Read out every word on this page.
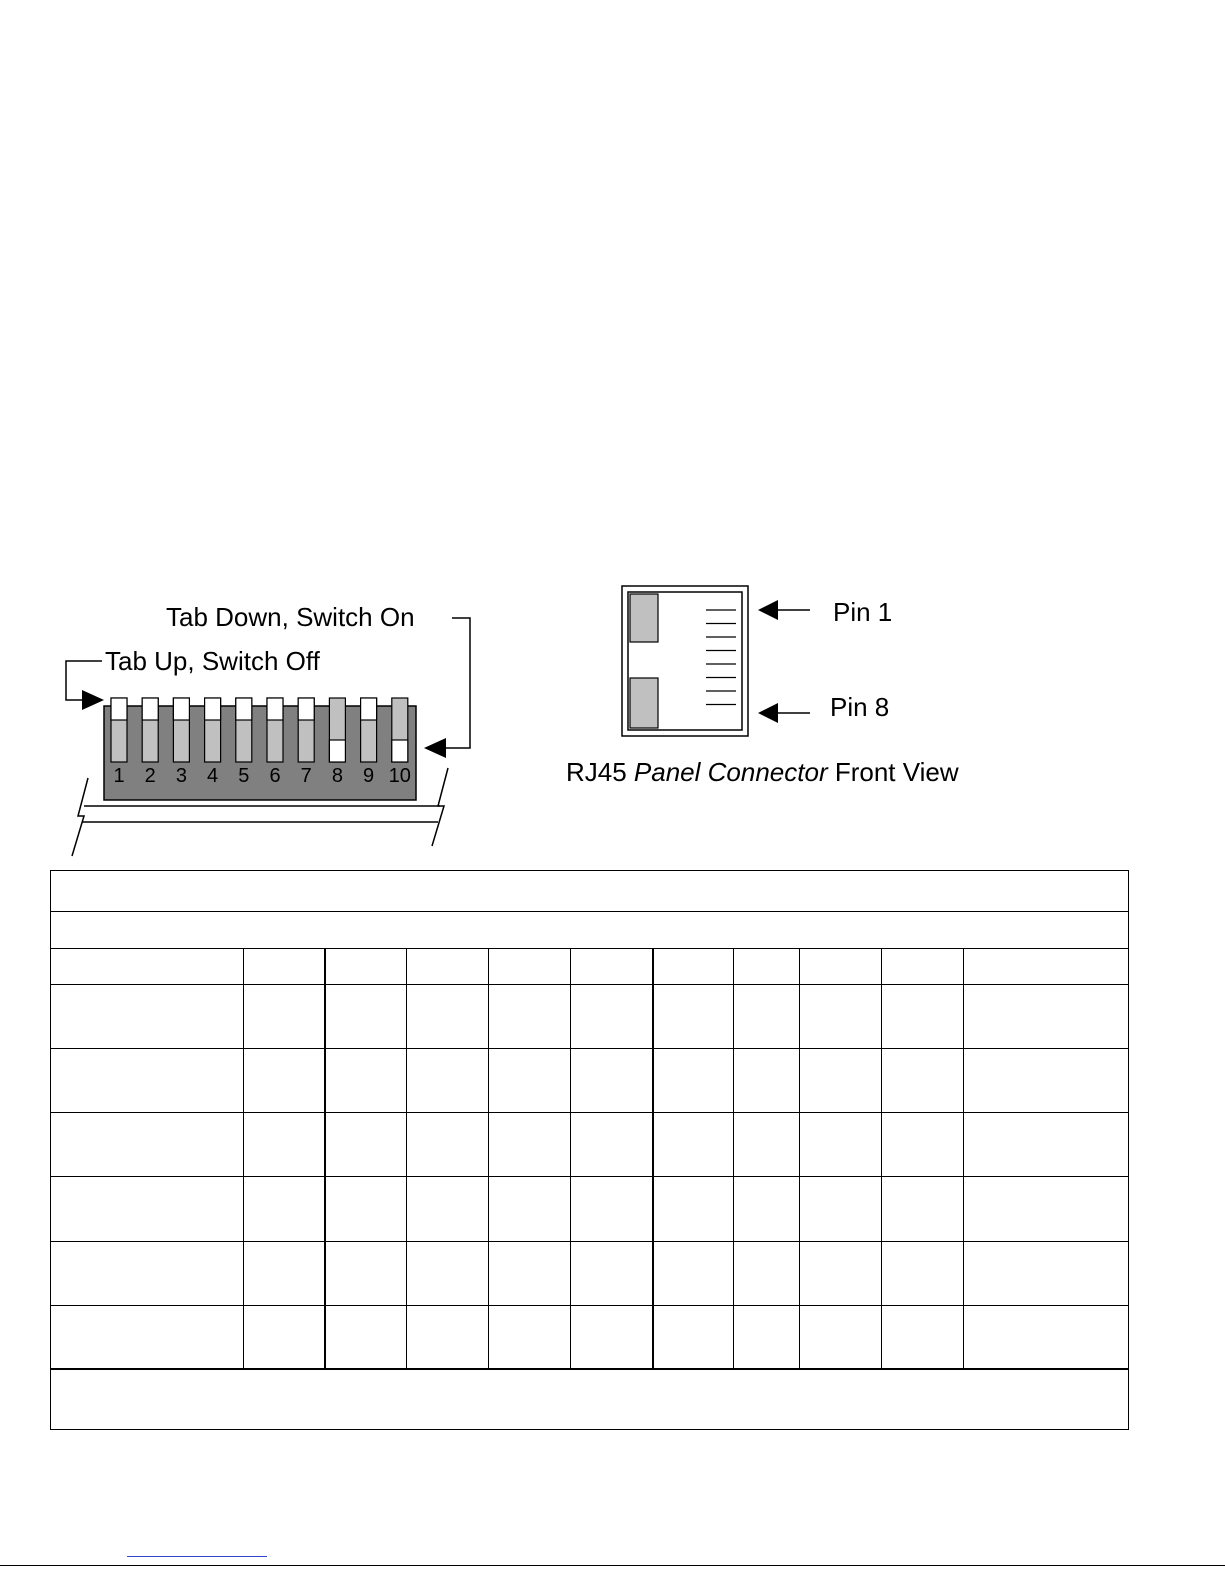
Tab Down, Switch On
Tab Up, Switch Off
1	2	3	4	5	6	7	8	9 10
Pin 1
Pin 8
RJ45 Panel Connector Front View
